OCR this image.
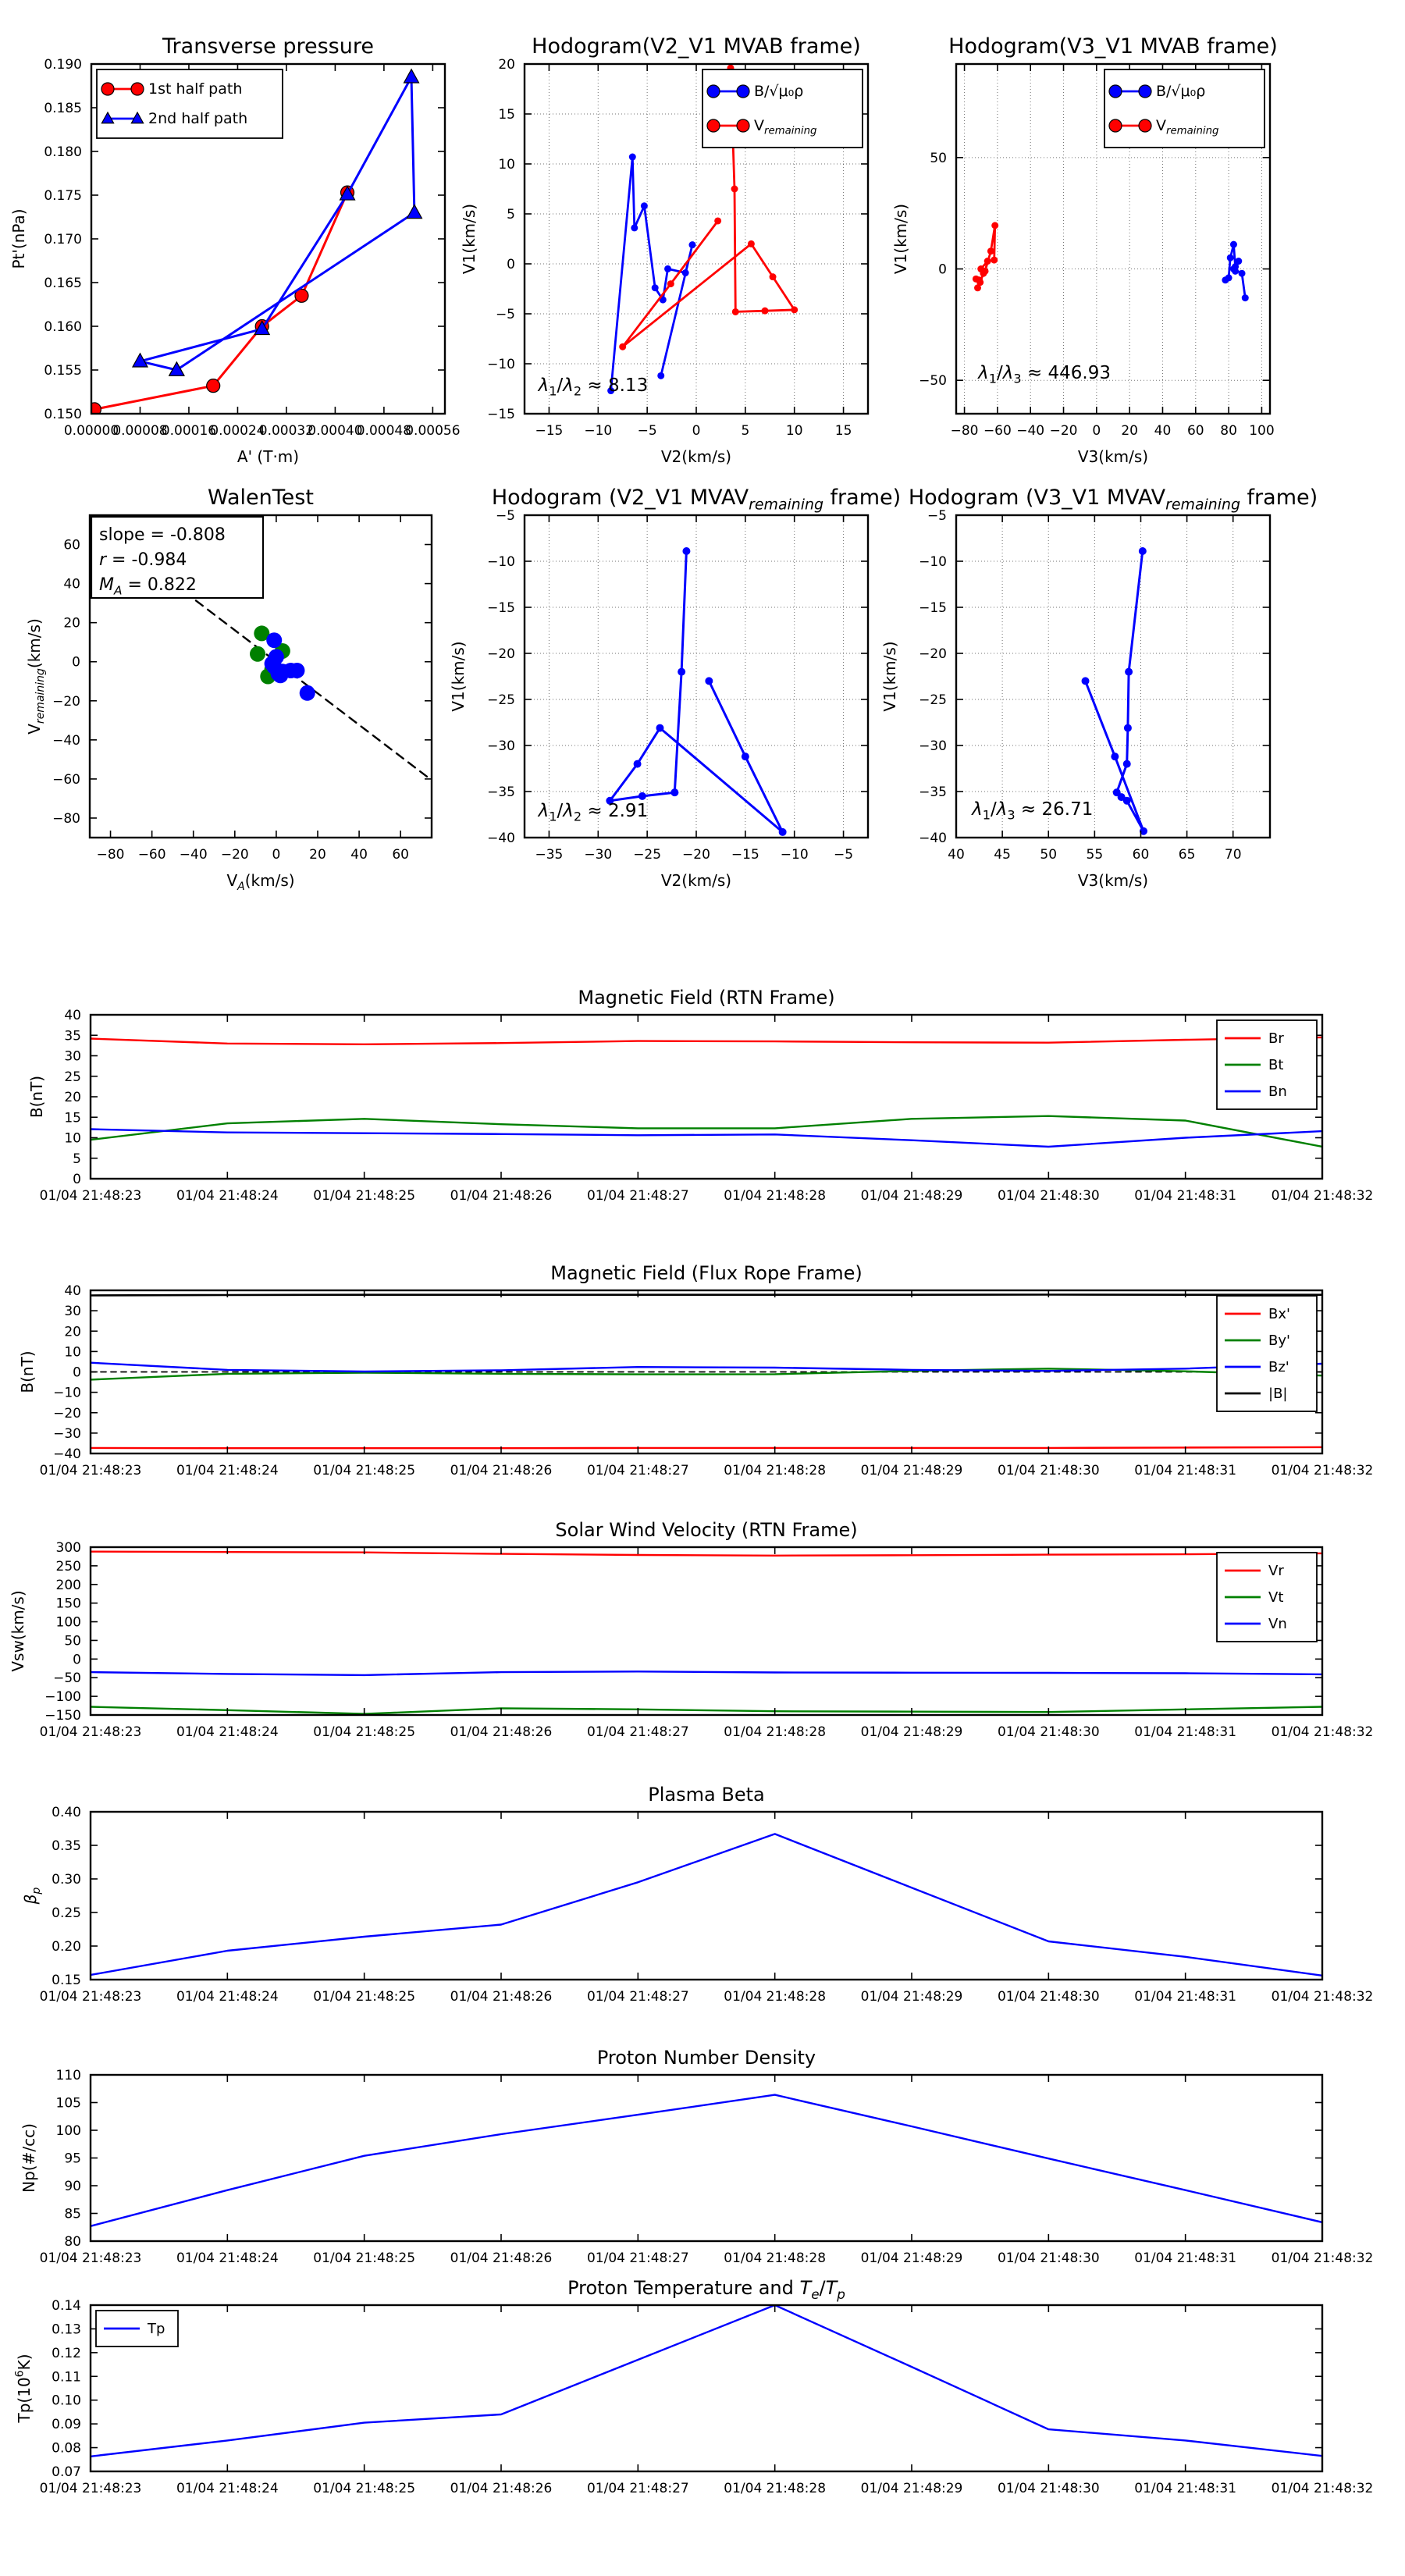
0.00000
0.00008
0.00016
0.00024
0.00032
0.00040
0.00048
0.00056
0.150
0.155
0.160
0.165
0.170
0.175
0.180
0.185
0.190
Transverse pressure
A' (T·m)
Pt'(nPa)
1st half path
2nd half path
−15 −10 −5	0	5	10 15
−15
−10
−5
0
5
10
15
20
Hodogram(V2_V1 MVAB frame)
V2(km/s)
V1(km/s)
B/√μ₀ρ
$V_{remaining}$
$\lambda_1/\lambda_2 \approx 8.13$
−80 −60 −40 −20 0 20 40 60 80 100
−50
0
50
Hodogram(V3_V1 MVAB frame)
V3(km/s)
V1(km/s)
B/√μ₀ρ
$V_{remaining}$
$\lambda_1/\lambda_3 \approx 446.93$
−80 −60 −40 −20 0 20 40 60
−80
−60
−40
−20
0
20
40
60
WalenTest
$V_A(km/s)$
$V_{remaining}(km/s)$
slope = -0.808
r = -0.984
$M_A = 0.822$
−35 −30 −25 −20 −15 −10 −5
−40
−35
−30
−25
−20
−15
−10
−5
Hodogram (V2_V1 $MVAV_{remaining}$ frame)
V2(km/s)
V1(km/s)
$\lambda_1/\lambda_2 \approx 2.91$
40 45 50 55 60 65 70
−40
−35
−30
−25
−20
−15
−10
−5
Hodogram (V3_V1 $MVAV_{remaining}$ frame)
V3(km/s)
V1(km/s)
$\lambda_1/\lambda_3 \approx 26.71$
01/04 21:48:23	01/04 21:48:24	01/04 21:48:25	01/04 21:48:26	01/04 21:48:27	01/04 21:48:28	01/04 21:48:29	01/04 21:48:30	01/04 21:48:31	01/04 21:48:32
0
5
10
15
20
25
30
35
40
Magnetic Field (RTN Frame)
B(nT)
Br
Bt
Bn
01/04 21:48:23	01/04 21:48:24	01/04 21:48:25	01/04 21:48:26	01/04 21:48:27	01/04 21:48:28	01/04 21:48:29	01/04 21:48:30	01/04 21:48:31	01/04 21:48:32
−40
−30
−20
−10
0
10
20
30
40
Magnetic Field (Flux Rope Frame)
B(nT)
Bx'
By'
Bz'
|B|
01/04 21:48:23	01/04 21:48:24	01/04 21:48:25	01/04 21:48:26	01/04 21:48:27	01/04 21:48:28	01/04 21:48:29	01/04 21:48:30	01/04 21:48:31	01/04 21:48:32
−150
−100
−50
0
50
100
150
200
250
300
Solar Wind Velocity (RTN Frame)
Vsw(km/s)
Vr
Vt
Vn
01/04 21:48:23	01/04 21:48:24	01/04 21:48:25	01/04 21:48:26	01/04 21:48:27	01/04 21:48:28	01/04 21:48:29	01/04 21:48:30	01/04 21:48:31	01/04 21:48:32
0.15
0.20
0.25
0.30
0.35
0.40
Plasma Beta
$\beta_p$
01/04 21:48:23	01/04 21:48:24	01/04 21:48:25	01/04 21:48:26	01/04 21:48:27	01/04 21:48:28	01/04 21:48:29	01/04 21:48:30	01/04 21:48:31	01/04 21:48:32
80
85
90
95
100
105
110
Proton Number Density
Np(#/cc)
01/04 21:48:23	01/04 21:48:24	01/04 21:48:25	01/04 21:48:26	01/04 21:48:27	01/04 21:48:28	01/04 21:48:29	01/04 21:48:30	01/04 21:48:31	01/04 21:48:32
0.07
0.08
0.09
0.10
0.11
0.12
0.13
0.14
Proton Temperature and $T_e/T_p$
$Tp(10^6K)$
Tp
